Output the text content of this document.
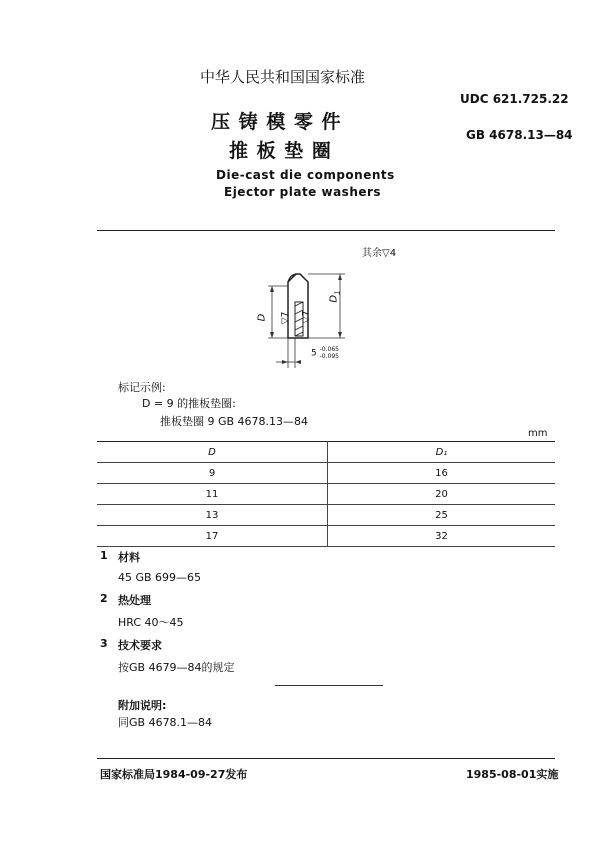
中华人民共和国国家标准
压 铸 模 零 件
推 板 垫 圈
Die-cast die components
Ejector plate washers
UDC 621.725.22
GB 4678.13—84
其余▽4
D ▽7 ▽7
$D_1$
5 -0.065
-0.095
标记示例:
D = 9 的推板垫圈:
推板垫圈 9 GB 4678.13—84
mm
D	D₁
9	16
11	20
13	25
17	32
1 材料
45 GB 699—65
2 热处理
HRC 40～45
3 技术要求
按GB 4679—84的规定
附加说明:
同GB 4678.1—84
国家标准局1984-09-27发布	1985-08-01实施
